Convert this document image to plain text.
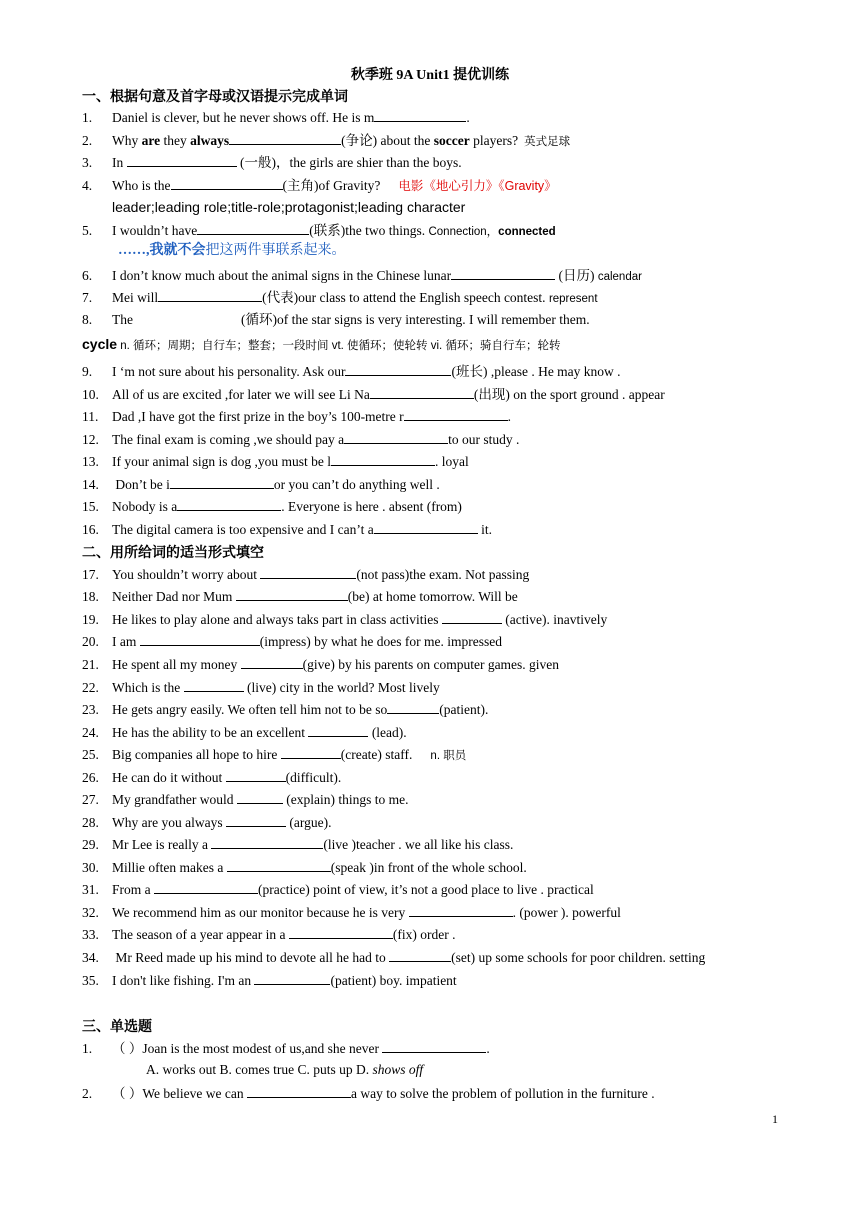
秋季班 9A Unit1 提优训练
一、根据句意及首字母或汉语提示完成单词
1. Daniel is clever, but he never shows off. He is m	.
2. Why are they always	(争论) about the soccer players? 英式足球
3. In	(一般)，the girls are shier than the boys.
4. Who is the	(主角)of Gravity? 电影《地心引力》《Gravity》
leader;leading role;title-role;protagonist;leading character
5. I wouldn’t have	(联系)the two things. Connection，connected
……,我就不会把这两件事联系起来。
6. I don’t know much about the animal signs in the Chinese lunar	(日历) calendar
7. Mei will	(代表)our class to attend the English speech contest. represent
8. The	(循环)of the star signs is very interesting. I will remember them.
cycle n. 循环；周期；自行车；整套；一段时间 vt. 使循环；使轮转 vi. 循环；骑自行车；轮转
9. I ‘m not sure about his personality. Ask our	(班长) ,please . He may know .
10. All of us are excited ,for later we will see Li Na	(出现) on the sport ground . appear
11. Dad ,I have got the first prize in the boy’s 100-metre r	.
12. The final exam is coming ,we should pay a	to our study .
13. If your animal sign is dog ,you must be l	. loyal
14. Don’t be i	or you can’t do anything well .
15. Nobody is a	. Everyone is here . absent (from)
16. The digital camera is too expensive and I can’t a	it.
二、用所给词的适当形式填空
17. You shouldn’t worry about	(not pass)the exam. Not passing
18. Neither Dad nor Mum	(be) at home tomorrow. Will be
19. He likes to play alone and always taks part in class activities	(active). inavtively
20. I am	(impress) by what he does for me. impressed
21. He spent all my money	(give) by his parents on computer games. given
22. Which is the	(live) city in the world? Most lively
23. He gets angry easily. We often tell him not to be so	(patient).
24. He has the ability to be an excellent	(lead).
25. Big companies all hope to hire	(create) staff. n. 职员
26. He can do it without	(difficult).
27. My grandfather would	(explain) things to me.
28. Why are you always	(argue).
29. Mr Lee is really a	(live )teacher . we all like his class.
30. Millie often makes a	(speak )in front of the whole school.
31. From a	(practice) point of view, it’s not a good place to live . practical
32. We recommend him as our monitor because he is very	. (power ). powerful
33. The season of a year appear in a	(fix) order .
34. Mr Reed made up his mind to devote all he had to	(set) up some schools for poor children. setting
35. I don't like fishing. I'm an	(patient) boy. impatient
三、单选题
1. （ ）Joan is the most modest of us,and she never	.
A. works out B. comes true C. puts up D. shows off
2. （ ）We believe we can	a way to solve the problem of pollution in the furniture .
1
